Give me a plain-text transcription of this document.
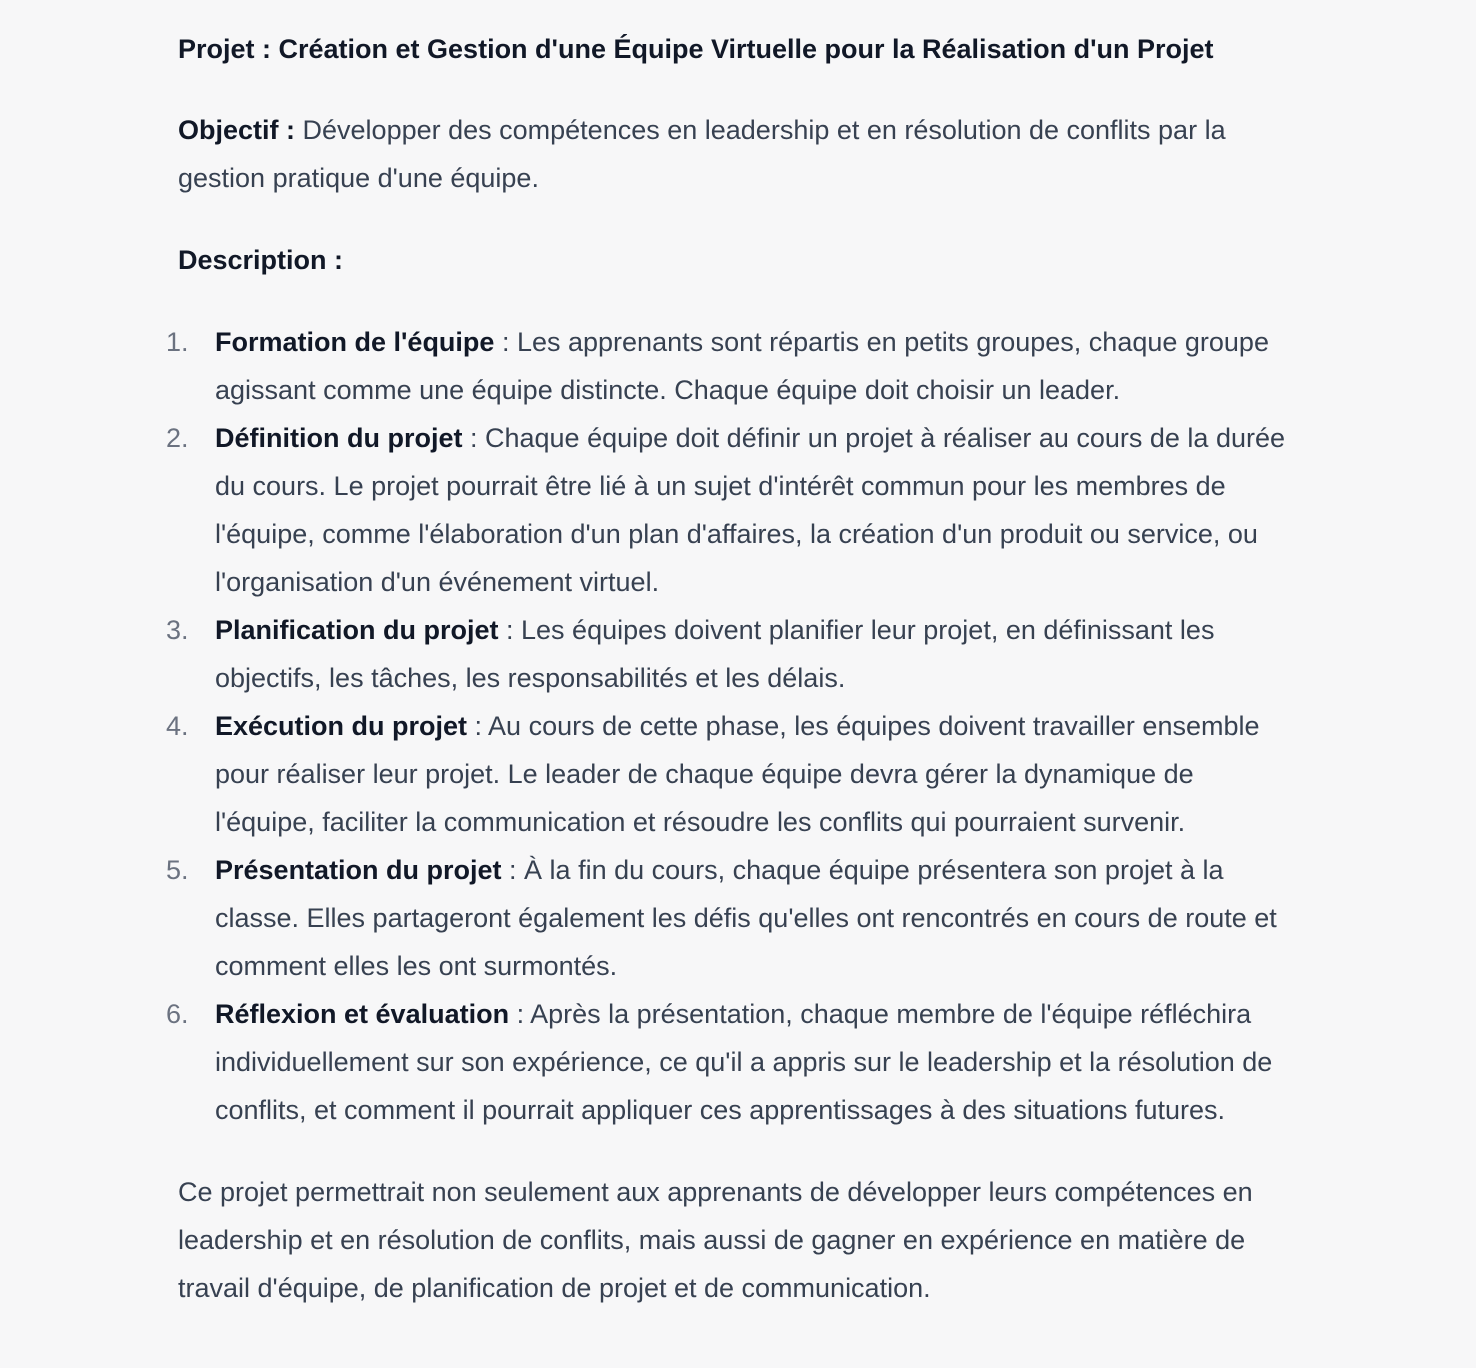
Projet : Création et Gestion d'une Équipe Virtuelle pour la Réalisation d'un Projet

Objectif : Développer des compétences en leadership et en résolution de conflits par la gestion pratique d'une équipe.

Description :

1. Formation de l'équipe : Les apprenants sont répartis en petits groupes, chaque groupe agissant comme une équipe distincte. Chaque équipe doit choisir un leader.
2. Définition du projet : Chaque équipe doit définir un projet à réaliser au cours de la durée du cours. Le projet pourrait être lié à un sujet d'intérêt commun pour les membres de l'équipe, comme l'élaboration d'un plan d'affaires, la création d'un produit ou service, ou l'organisation d'un événement virtuel.
3. Planification du projet : Les équipes doivent planifier leur projet, en définissant les objectifs, les tâches, les responsabilités et les délais.
4. Exécution du projet : Au cours de cette phase, les équipes doivent travailler ensemble pour réaliser leur projet. Le leader de chaque équipe devra gérer la dynamique de l'équipe, faciliter la communication et résoudre les conflits qui pourraient survenir.
5. Présentation du projet : À la fin du cours, chaque équipe présentera son projet à la classe. Elles partageront également les défis qu'elles ont rencontrés en cours de route et comment elles les ont surmontés.
6. Réflexion et évaluation : Après la présentation, chaque membre de l'équipe réfléchira individuellement sur son expérience, ce qu'il a appris sur le leadership et la résolution de conflits, et comment il pourrait appliquer ces apprentissages à des situations futures.

Ce projet permettrait non seulement aux apprenants de développer leurs compétences en leadership et en résolution de conflits, mais aussi de gagner en expérience en matière de travail d'équipe, de planification de projet et de communication.
